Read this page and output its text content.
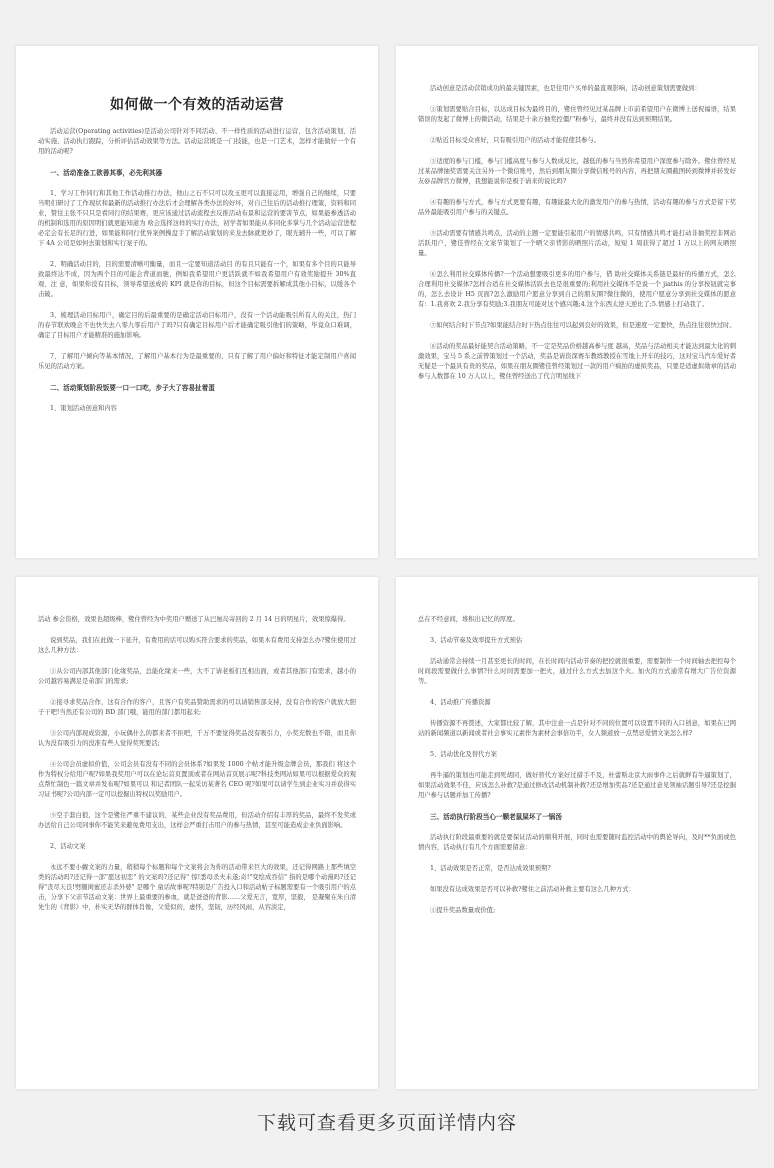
如何做一个有效的活动运营

活动运营(Operating activities)是活动公司针对不同活动、不一样性质的活动进行运营，包含活动策划、活动实施、活动执行跟踪，分析评估活动效果等方法。活动运营既是一门技能，也是一门艺术，怎样才能做好一个有用的活动呢?

一、活动准备工欲善其事，必先利其器

1、学习工作同行和其他工作活动推行办法，他山之石不只可以攻玉更可以直接运用，增强自己的继续，只要当明们研讨了工作现状和最新的活动推行办法后才会理解各类办法的好坏，对自己往后的活动推行理策，资料和同业，赞往主张不只只是看同行的结果赛，更应该通过活动流程去反推活动布景和运营的要害节点，如果能参透活动的机制和选用的原因明们就更能知道为 啥会选择这样的实行办法，初学者如果能从多同化多掌与几个活动运营进程必定会有长足的行进，如果能和同行优异案例操盘手了解活动策划的来龙去脉就更妙了，眼光辅升一些，可以了解下 4A 公司是如何去策划和实行案子的。

2、明确活动目的，目的需要清晰可衡量，而且一定要知道活动目 的有且只能有一个，如果有多个目的只能导致最终达不成，因为两个目的可能会背道而驰，例如我希望用户更活跃就不如我希望用户有效奖励提升 30%直观、注 意，如果你没有目标，领导希望送成的 KPI 就是你的目标，但这个目标需要拆解成其他小目标，以缓各个击破。

3、梳理活动目标用户，确定目的后最重要的是确定活动目标用户，没有一个活动能吸引所有人的关注，热门的春节联欢晚会不也快失去八零九零后用户了吗?只有确定目标用户后才能确定吸引他们的策略，毕竟众口难调，确定了目标用户才能精准的施加影响。

7、了解用户倾向等基本情况，了解用户基本行为是最重要的，只有了解了用户偏好和特征才能定制用户喜闻乐见的活动方案。

二、活动策划阶段饭要一口一口吃，步子大了容易扯着蛋

1、策划活动创意和内容

活动创意是活动营销成功的最关键因素，也是往用户买单的最直观影响，活动创意策划需要做到：

①策划需要贴合目标，以达成目标为最终目的，鹭住曾经见过某品牌上市前希望用户在微博上送祝福语，结果错误的发起了微博上的微活动，结果是十余万抽奖控僵尸粉参与，最终并没有达到预期结果。

②贴近目标受众喜好，只有吸引用户的活动才能促使其参与。

③适度的参与门槛，参与门槛高度与参与人数成反比，越低的参与当然你希望用户深度参与除外。鹭住曾经见过某品牌抽奖需要关注另外一个微信账号，然后到朋友圈分享微信账号的内容，再把朋友圈截图转到微博并转发好友@品牌官方微博，我想能说你是极于请来的说比吗?

④有趣的参与方式，参与方式更要有趣，有趣能最大化的激发用户的参与热情，活动有趣的参与方式是留下奖品外最能吸引用户参与的关键点。

⑤活动需要有情感共鸣点，活动的主题一定要能引起用户的情感共鸣，只有情感共鸣才能打动非抽奖控非网站活跃用户，鹭佳曾经在文案节策划了一个晒父亲背影的晒照片活动，短短 1 周获得了超过 1 万以上的网友晒照量。

⑥怎么利用社交媒体传播?一个活动想要吸引更多的用户参与，借 助社交媒体关系链是最好的传播方式，怎么合理利用社交媒体?怎样合适在社交媒体活跃去也是很重要的;利用社交媒体不是说一个 jiathis 的分享按钮就完事的，怎么去设计 H5 页面?怎么激励用户愿意分享到自己的朋友圈?微往微的，使用户愿意分享到社交媒体的愿意有：1.我喜欢 2.我分享有奖励;3.我朋友可能对这个感兴趣;4.这个东西太逆天逆比了;5.情感上打动我了。

⑦如何结合时下节点?如果能结合时下热点往往可以起到良好的效果，但是速度一定要快，热点往往很快过时。

⑧活动的奖品最好能契合活动策略，不一定是奖品价格越高参与度 越高，奖品与活动相关才能达到最大化的刺激效果，宝马 5 系之前曾策划过一个活动，奖品是请资深赛车教练教授在雪地上开车的技巧，这对宝马汽车爱好者无疑是一个最具有贵的奖品，如果在朋友圈鹭佳曾经策划过一款的用户疯拍的虚拟奖品，只要是适虚拟勋章的活动参与人数都在 10 万人以上，鹭住曾经送出了代言明星线下

活动 参会资格，效果也超级棒，鹭住曾经为中奖用户赠送了从巴厘岛寄回的 2 月 14 日的明星片，效果惊爆得。

说到奖品，我们在此做一下延升，有费用的话可以购买符合要求的奖品，如果木有费用支持怎么办?鹭住使用过这么几种方法：

①从公司内部其他部门化缘奖品，总能化缘来一些，大不了请老板们互相出面，或者其他部门有需求，越小的公司越容易满足是弟部门的需求;

②接寻求奖品合作，这有合作的客户，且客户有奖品赞助需求的可以请销售部支持，没有合作的客户就放大胆子干吧!当然还有公司的 BD 部门哦，能用的部门都用起来;

③公司内部现成资源，小玩偶什么的都来者不拒吧，千万不要觉得奖品没有吸引力，小奖充数也不错，而且你认为没有吸引力的没准有些人觉得奖死要活;

④公司会员虚拟价值，公司会员有没有不同的会员体系?如果发 1000 个帖才能升级金牌会员，那我们 将这个作为特权分给用户呢?如果我奖用户可以在论坛首页置顶或者在网站首页展示呢?科技类网站如果可以根据爱众的观点帮忙制色一篇文章并发布呢?如果可以 和记者团队一起采访某著名 CEO 呢?如果可以请学生到企业实习并获得实习证书呢?公司内部一定可以挖掘出特权以奖励用户。

⑤空手套白狼，这个是鹭住严重不建议的，某些企业没有奖品费用，但活动介绍有丰厚的奖品，最终不发奖或办法给自己公司同事你不能笑来避免费用支出，这样会严重打击用户的参与热情，甚至可能造成企业负面影响。

2、活动文案

永远不要小觑文案的力量，稍稍每个标题和每个文案将会为你的活动带来巨大的效果，还记得网路上那些填空类的活动吗?还记得一部"愿这初恋" 的文案吗?还记得" 惊!悉母杀夫未遂;奇!"变绘成吞信" 指的是哪个动漫吗?还记得"丧尽天良!劈腿闺蜜还志杀外婆" 是哪个 童话故事呢?特别是广告投入口和活动帖子标题需要有一个吸引用户的点击，分享下父亲节活动文案：世界上最重要的参血，就是爸爸的背影……父爱无言，宽厚，坚毅， 是凝聚在朱自清先生的《背影》中，朴实无华的群体肖像，父爱似的，虚怀，坚韧，历经风雨，从容淡定，

总在不经意间，堆积出记忆的厚度。

3、活动节奏及效率提升方式预估

活动通常会持续一月甚至更长的时间，在长时间内活动节奏的把控就很重要，需要制作一个时间轴去把控每个时间段需要做什么事情?什么时间需要加一把火，通过什么方式去加这个火。加火的方式通常有增大广告位资源等。

4、活动推广传播资源

传播资源不再赘述，大家都比较了解，其中注意一点是针对不同的位置可以设置不同的入口创意，如果在已网站的新闻频道以新闻或者社会事实元素作为素材会事倍功半，女人频道放一点禁忌爱情文案怎么样?

5、活动优化及替代方案

再牛逼的策划也可能走到死胡同，做好替代方案好过措手不及，杜蕾斯北京大雨事件之后就鲜有牛逼策划了，如果活动效果不佳，应该怎么补救?是通过修改活动机制补救?还是增加奖品?还是通过意见领袖话题引导?还是挖掘用户参与话题并加工传播?

三、活动执行阶段当心一颗老鼠屎坏了一锅汤

活动执行阶段最重要的就是要保证活动的顺利开展，同时也需要随时监控活动中的舆论导向，及时**负面或色情内容，活动执行有几个方面需要留意：

1、活动效果是否正常，是否达成效果预期?

如果没有达成效果是否可以补救?鹭住之前活动补救主要有这么几种方式：

①提升奖品数量或价值;

下载可查看更多页面详情内容
